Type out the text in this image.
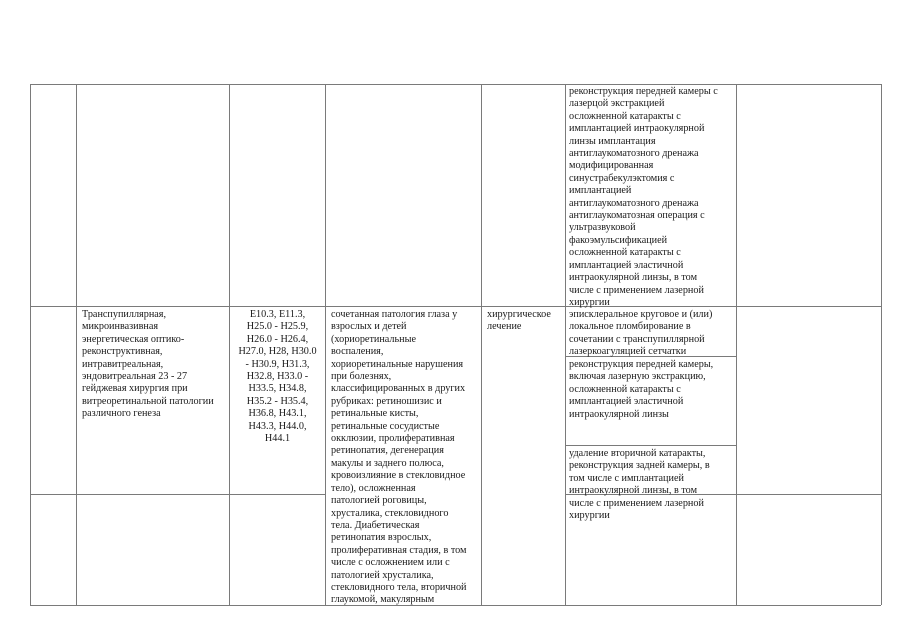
реконструкция передней камеры с
лазерцой экстракцией
осложненной катаракты с
имплантацией интраокулярной
линзы имплантация
антиглаукоматозного дренажа
модифицированная
синустрабекулэктомия с
имплантацией
антиглаукоматозного дренажа
антиглаукоматозная операция с
ультразвуковой
факоэмульсификацией
осложненной катаракты с
имплантацией эластичной
интраокулярной линзы, в том
числе с применением лазерной
хирургии
Транспупиллярная,
микроинвазивная
энергетическая оптико-
реконструктивная,
интравитреальная,
эндовитреальная 23 - 27
гейджевая хирургия при
витреоретинальной патологии
различного генеза
E10.3, E11.3,
H25.0 - H25.9,
H26.0 - H26.4,
H27.0, H28, H30.0
- H30.9, H31.3,
H32.8, H33.0 -
H33.5, H34.8,
H35.2 - H35.4,
H36.8, H43.1,
H43.3, H44.0,
H44.1
сочетанная патология глаза у
взрослых и детей
(хориоретинальные
воспаления,
хориоретинальные нарушения
при болезнях,
классифицированных в других
рубриках: ретиношизис и
ретинальные кисты,
ретинальные сосудистые
окклюзии, пролиферативная
ретинопатия, дегенерация
макулы и заднего полюса,
кровоизлияние в стекловидное
тело), осложненная
патологией роговицы,
хрусталика, стекловидного
тела. Диабетическая
ретинопатия взрослых,
пролиферативная стадия, в том
числе с осложнением или с
патологией хрусталика,
стекловидного тела, вторичной
глаукомой, макулярным
хирургическое
лечение
эписклеральное круговое и (или)
локальное пломбирование в
сочетании с транспупиллярной
лазеркоагуляцией сетчатки
реконструкция передней камеры,
включая лазерную экстракцию,
осложненной катаракты с
имплантацией эластичной
интраокулярной линзы
удаление вторичной катаракты,
реконструкция задней камеры, в
том числе с имплантацией
интраокулярной линзы, в том
числе с применением лазерной
хирургии
